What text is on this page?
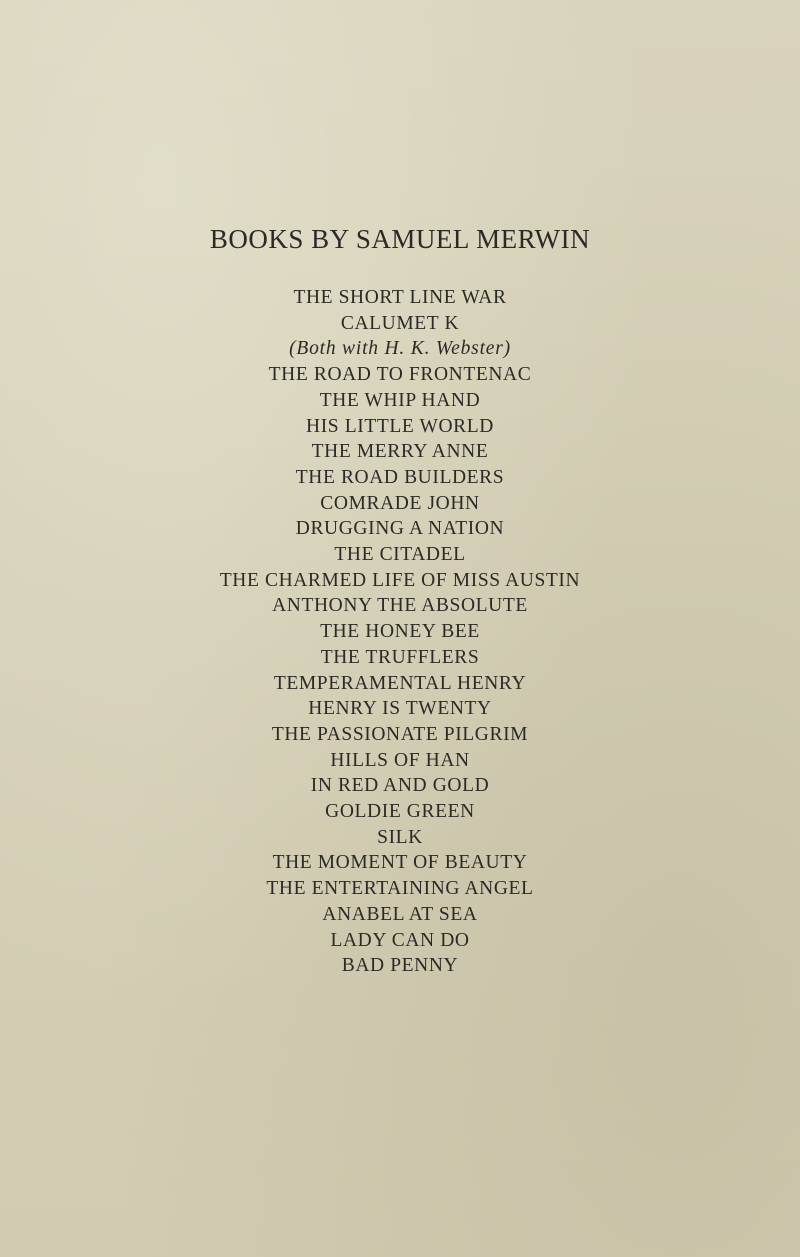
BOOKS BY SAMUEL MERWIN
THE SHORT LINE WAR
CALUMET K
(Both with H. K. Webster)
THE ROAD TO FRONTENAC
THE WHIP HAND
HIS LITTLE WORLD
THE MERRY ANNE
THE ROAD BUILDERS
COMRADE JOHN
DRUGGING A NATION
THE CITADEL
THE CHARMED LIFE OF MISS AUSTIN
ANTHONY THE ABSOLUTE
THE HONEY BEE
THE TRUFFLERS
TEMPERAMENTAL HENRY
HENRY IS TWENTY
THE PASSIONATE PILGRIM
HILLS OF HAN
IN RED AND GOLD
GOLDIE GREEN
SILK
THE MOMENT OF BEAUTY
THE ENTERTAINING ANGEL
ANABEL AT SEA
LADY CAN DO
BAD PENNY
